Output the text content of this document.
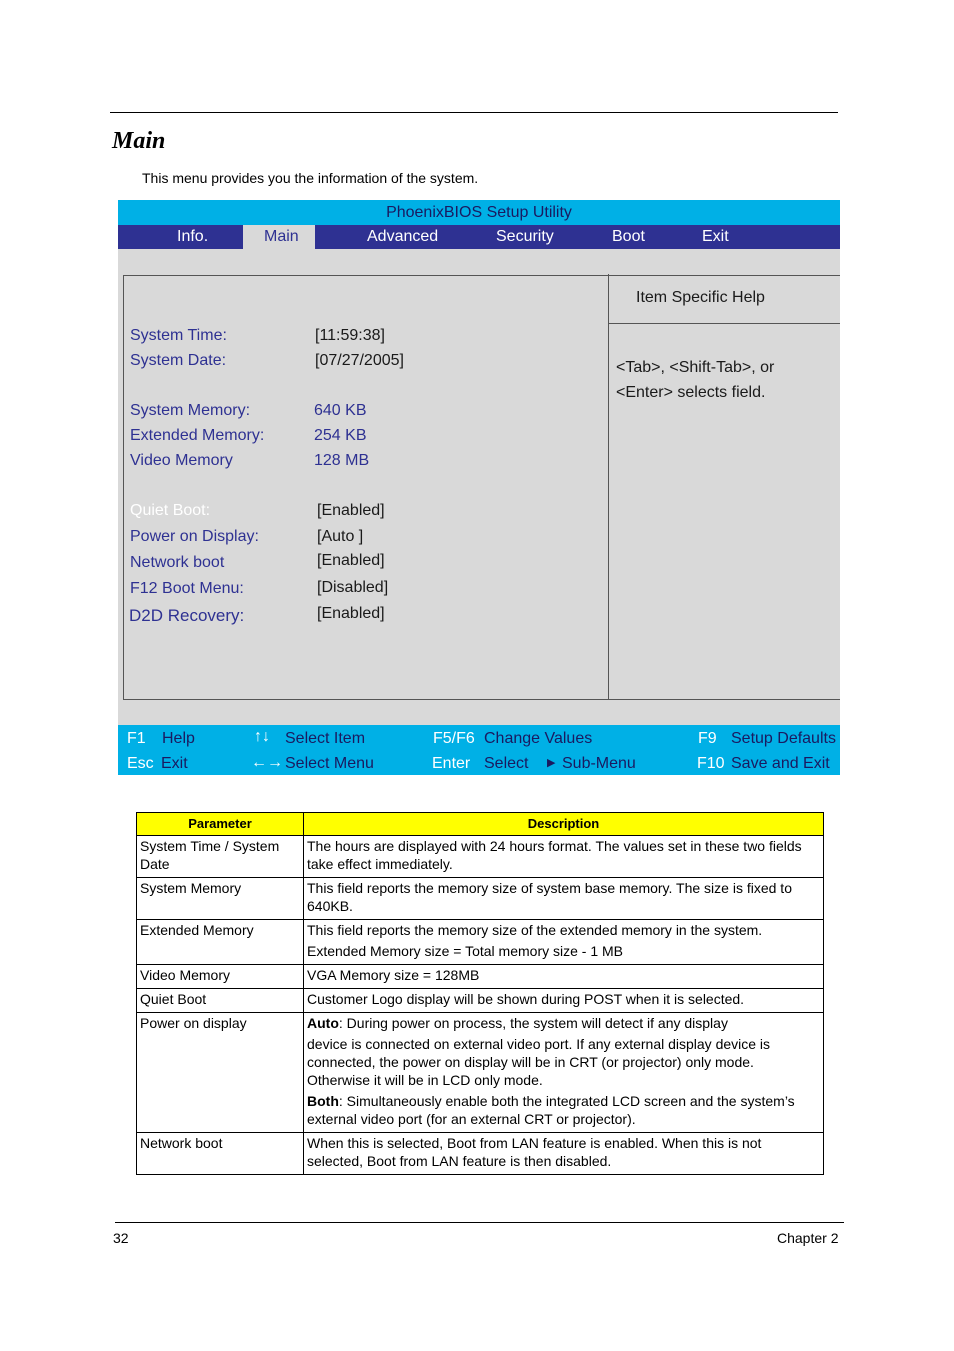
Main
This menu provides you the information of the system.
PhoenixBIOS Setup Utility
Info.	Main	Advanced	Security	Boot	Exit
Item Specific Help
<Tab>, <Shift-Tab>, or
<Enter> selects field.
System Time:	[11:59:38]
System Date:	[07/27/2005]
System Memory:	640 KB
Extended Memory:	254 KB
Video Memory	128 MB
Quiet Boot:	[Enabled]
Power on Display:	[Auto ]
Network boot	[Enabled]
F12 Boot Menu:	[Disabled]
D2D Recovery:	[Enabled]
F1 Help	↑↓ Select Item	F5/F6 Change Values	F9 Setup Defaults
Esc Exit	←→ Select Menu	Enter Select ▶ Sub-Menu	F10 Save and Exit
Parameter	Description
System Time / System Date	The hours are displayed with 24 hours format. The values set in these two fields take effect immediately.

System Memory	This field reports the memory size of system base memory. The size is fixed to 640KB.

Extended Memory	This field reports the memory size of the extended memory in the system.

Extended Memory size = Total memory size - 1 MB

Video Memory	VGA Memory size = 128MB

Quiet Boot	Customer Logo display will be shown during POST when it is selected.

Power on display	Auto: During power on process, the system will detect if any display

device is connected on external video port. If any external display device is connected, the power on display will be in CRT (or projector) only mode. Otherwise it will be in LCD only mode.

Both: Simultaneously enable both the integrated LCD screen and the system’s external video port (for an external CRT or projector).

Network boot	When this is selected, Boot from LAN feature is enabled. When this is not selected, Boot from LAN feature is then disabled.

32	Chapter 2
